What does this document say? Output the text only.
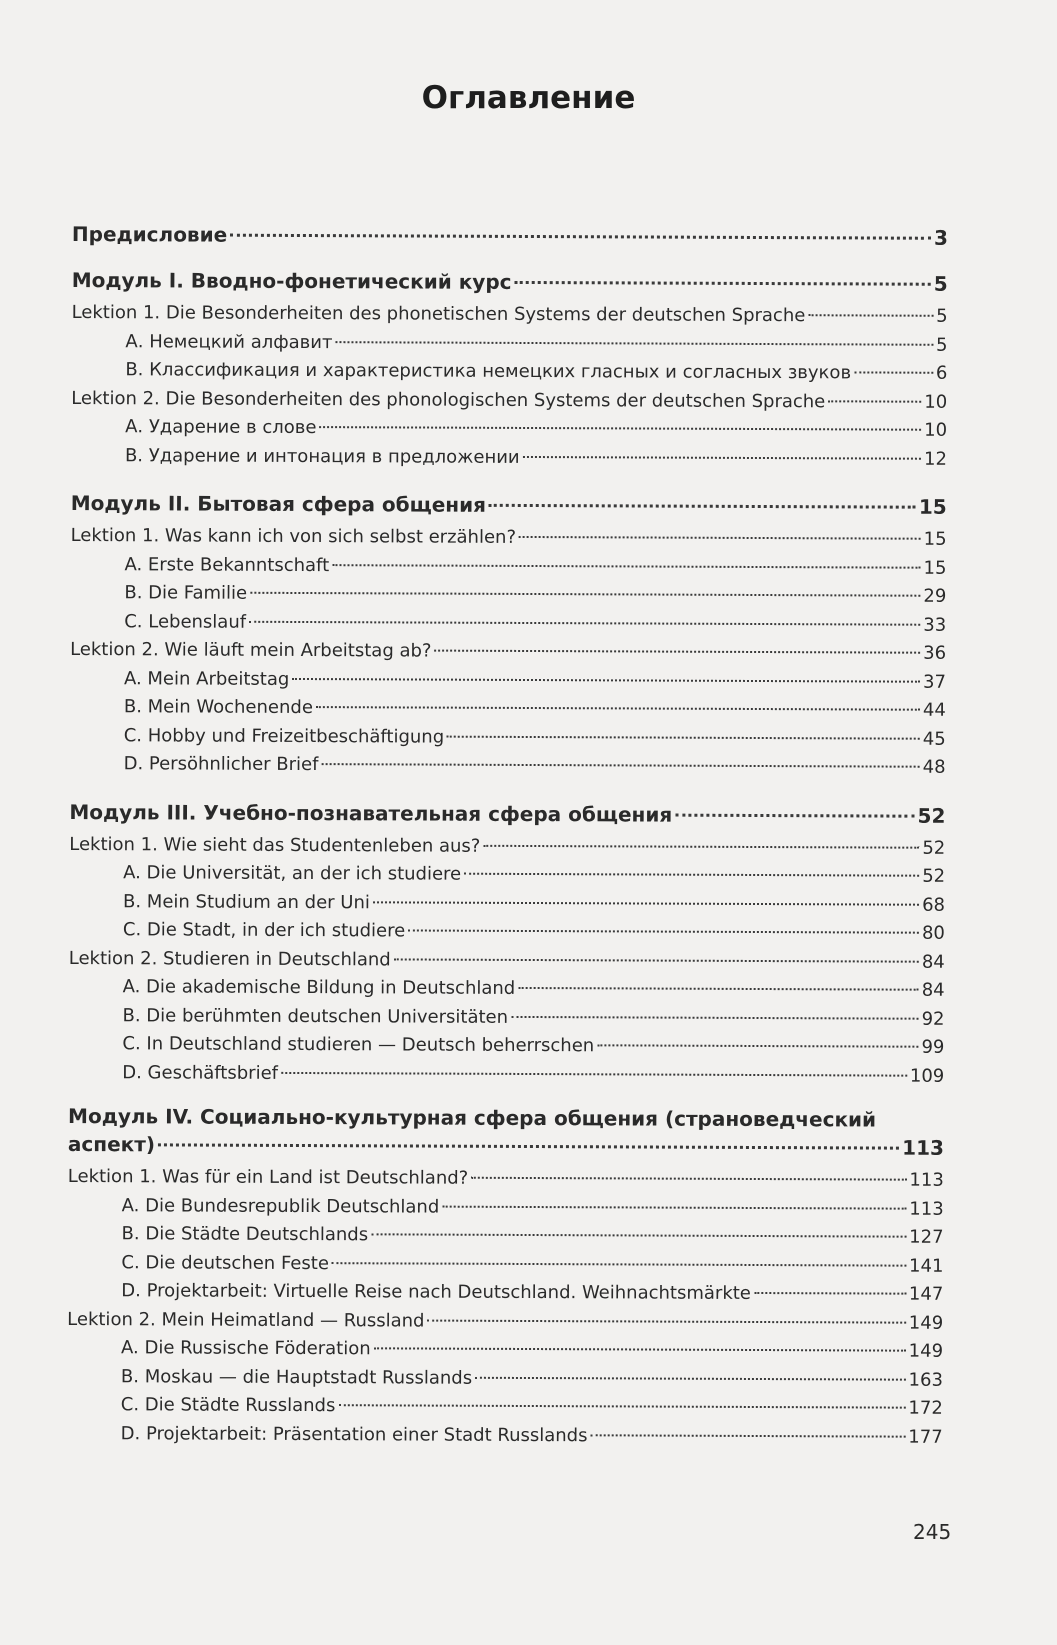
Оглавление
Предисловие	3
Модуль I. Вводно-фонетический курс	5
Lektion 1. Die Besonderheiten des phonetischen Systems der deutschen Sprache	5
А. Немецкий алфавит	5
B. Классификация и характеристика немецких гласных и согласных звуков	6
Lektion 2. Die Besonderheiten des phonologischen Systems der deutschen Sprache	10
А. Ударение в слове	10
B. Ударение и интонация в предложении	12
Модуль II. Бытовая сфера общения	15
Lektion 1. Was kann ich von sich selbst erzählen?	15
A. Erste Bekanntschaft	15
B. Die Familie	29
C. Lebenslauf	33
Lektion 2. Wie läuft mein Arbeitstag ab?	36
A. Mein Arbeitstag	37
B. Mein Wochenende	44
C. Hobby und Freizeitbeschäftigung	45
D. Persöhnlicher Brief	48
Модуль III. Учебно-познавательная сфера общения	52
Lektion 1. Wie sieht das Studentenleben aus?	52
A. Die Universität, an der ich studiere	52
B. Mein Studium an der Uni	68
C. Die Stadt, in der ich studiere	80
Lektion 2. Studieren in Deutschland	84
A. Die akademische Bildung in Deutschland	84
B. Die berühmten deutschen Universitäten	92
C. In Deutschland studieren — Deutsch beherrschen	99
D. Geschäftsbrief	109
Модуль IV. Социально-культурная сфера общения (страноведческий
аспект)	113
Lektion 1. Was für ein Land ist Deutschland?	113
A. Die Bundesrepublik Deutschland	113
B. Die Städte Deutschlands	127
C. Die deutschen Feste	141
D. Projektarbeit: Virtuelle Reise nach Deutschland. Weihnachtsmärkte	147
Lektion 2. Mein Heimatland — Russland	149
A. Die Russische Föderation	149
B. Moskau — die Hauptstadt Russlands	163
C. Die Städte Russlands	172
D. Projektarbeit: Präsentation einer Stadt Russlands	177
245
